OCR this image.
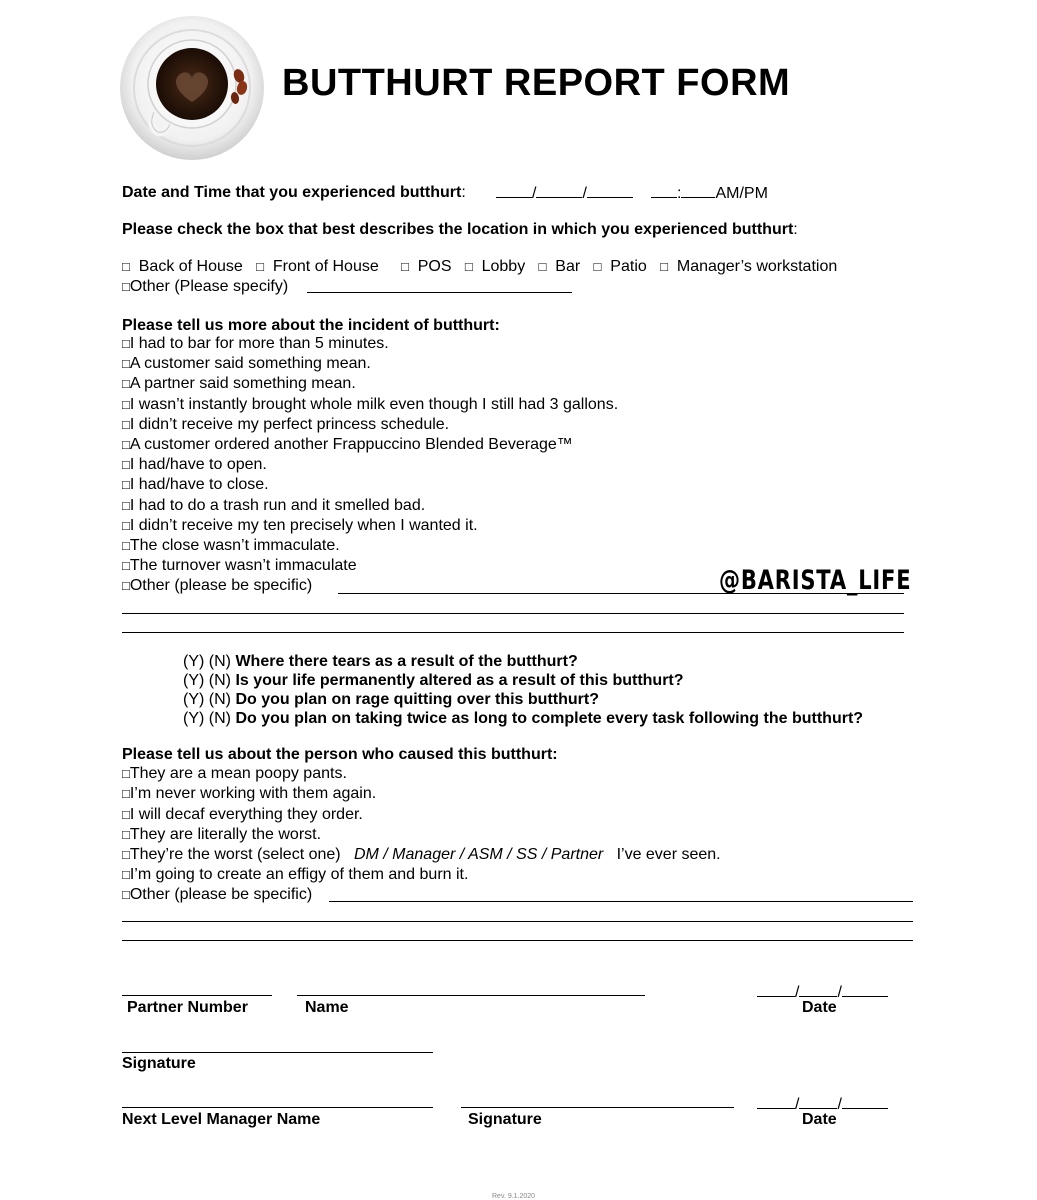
BUTTHURT REPORT FORM
Date and Time that you experienced butthurt:	/	/	: AM/PM
Please check the box that best describes the location in which you experienced butthurt:
□ Back of House □ Front of House □ POS □ Lobby □ Bar □ Patio □ Manager’s workstation
□Other (Please specify)
Please tell us more about the incident of butthurt:
□I had to bar for more than 5 minutes.
□A customer said something mean.
□A partner said something mean.
□I wasn’t instantly brought whole milk even though I still had 3 gallons.
□I didn’t receive my perfect princess schedule.
□A customer ordered another Frappuccino Blended Beverage™
□I had/have to open.
□I had/have to close.
□I had to do a trash run and it smelled bad.
□I didn’t receive my ten precisely when I wanted it.
□The close wasn’t immaculate.
□The turnover wasn’t immaculate
□Other (please be specific)	@BARISTA_LIFE
(Y) (N) Where there tears as a result of the butthurt?
(Y) (N) Is your life permanently altered as a result of this butthurt?
(Y) (N) Do you plan on rage quitting over this butthurt?
(Y) (N) Do you plan on taking twice as long to complete every task following the butthurt?
Please tell us about the person who caused this butthurt:
□They are a mean poopy pants.
□I’m never working with them again.
□I will decaf everything they order.
□They are literally the worst.
□They’re the worst (select one) DM / Manager / ASM / SS / Partner I’ve ever seen.
□I’m going to create an effigy of them and burn it.
□Other (please be specific)
/ /
Partner Number	Name	Date
Signature
/ /
Next Level Manager Name	Signature	Date
Rev. 9.1.2020
